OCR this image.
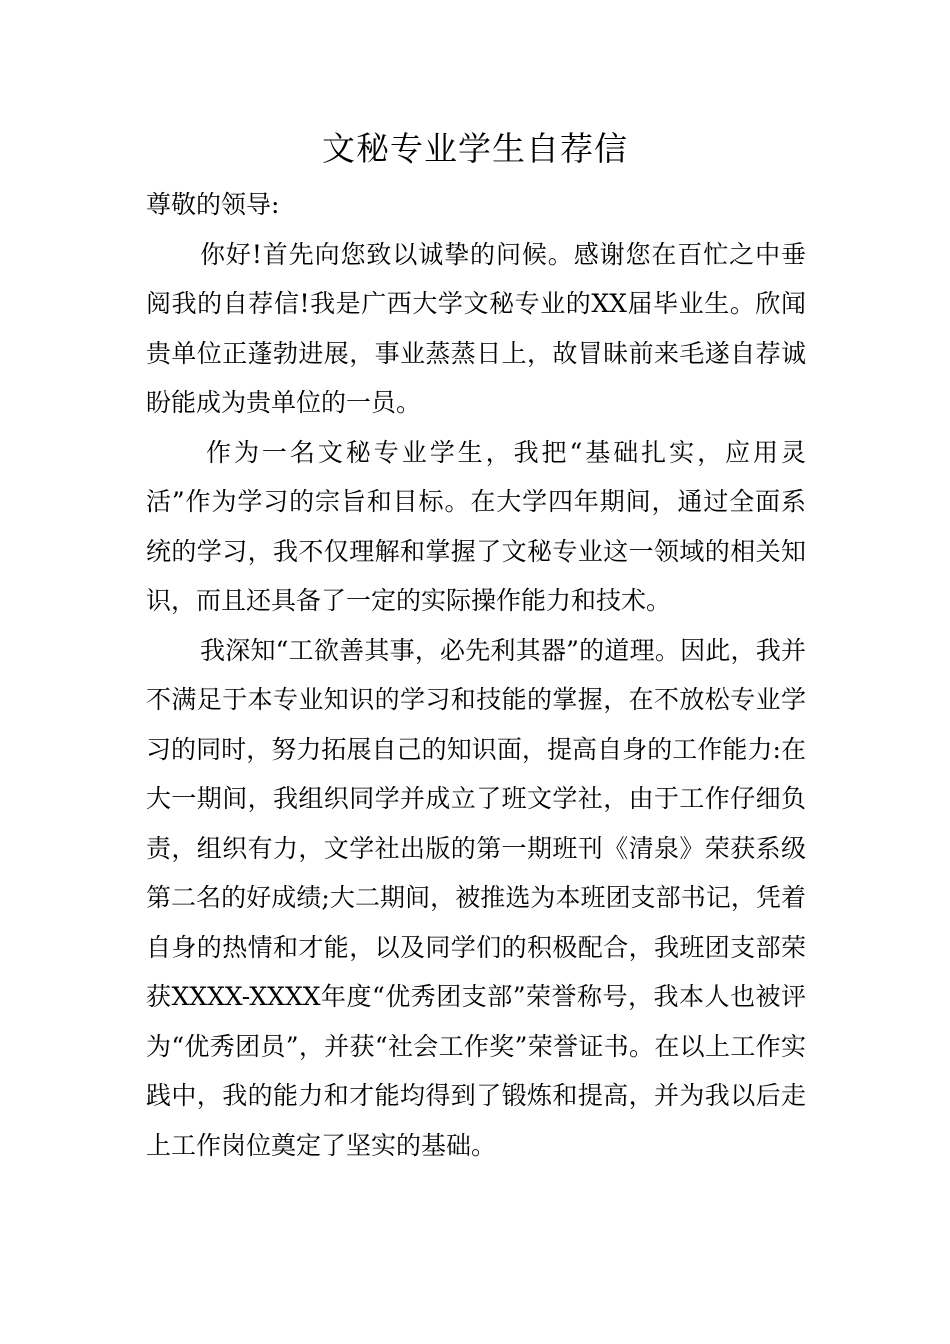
文秘专业学生自荐信

尊敬的领导:

你好!首先向您致以诚挚的问候。感谢您在百忙之中垂阅我的自荐信!我是广西大学文秘专业的XX届毕业生。欣闻贵单位正蓬勃进展，事业蒸蒸日上，故冒昧前来毛遂自荐诚盼能成为贵单位的一员。

作为一名文秘专业学生，我把“基础扎实，应用灵活”作为学习的宗旨和目标。在大学四年期间，通过全面系统的学习，我不仅理解和掌握了文秘专业这一领域的相关知识，而且还具备了一定的实际操作能力和技术。

我深知“工欲善其事，必先利其器”的道理。因此，我并不满足于本专业知识的学习和技能的掌握，在不放松专业学习的同时，努力拓展自己的知识面，提高自身的工作能力:在大一期间，我组织同学并成立了班文学社，由于工作仔细负责，组织有力，文学社出版的第一期班刊《清泉》荣获系级第二名的好成绩;大二期间，被推选为本班团支部书记，凭着自身的热情和才能，以及同学们的积极配合，我班团支部荣获XXXX-XXXX年度“优秀团支部”荣誉称号，我本人也被评为“优秀团员”，并获“社会工作奖”荣誉证书。在以上工作实践中，我的能力和才能均得到了锻炼和提高，并为我以后走上工作岗位奠定了坚实的基础。
